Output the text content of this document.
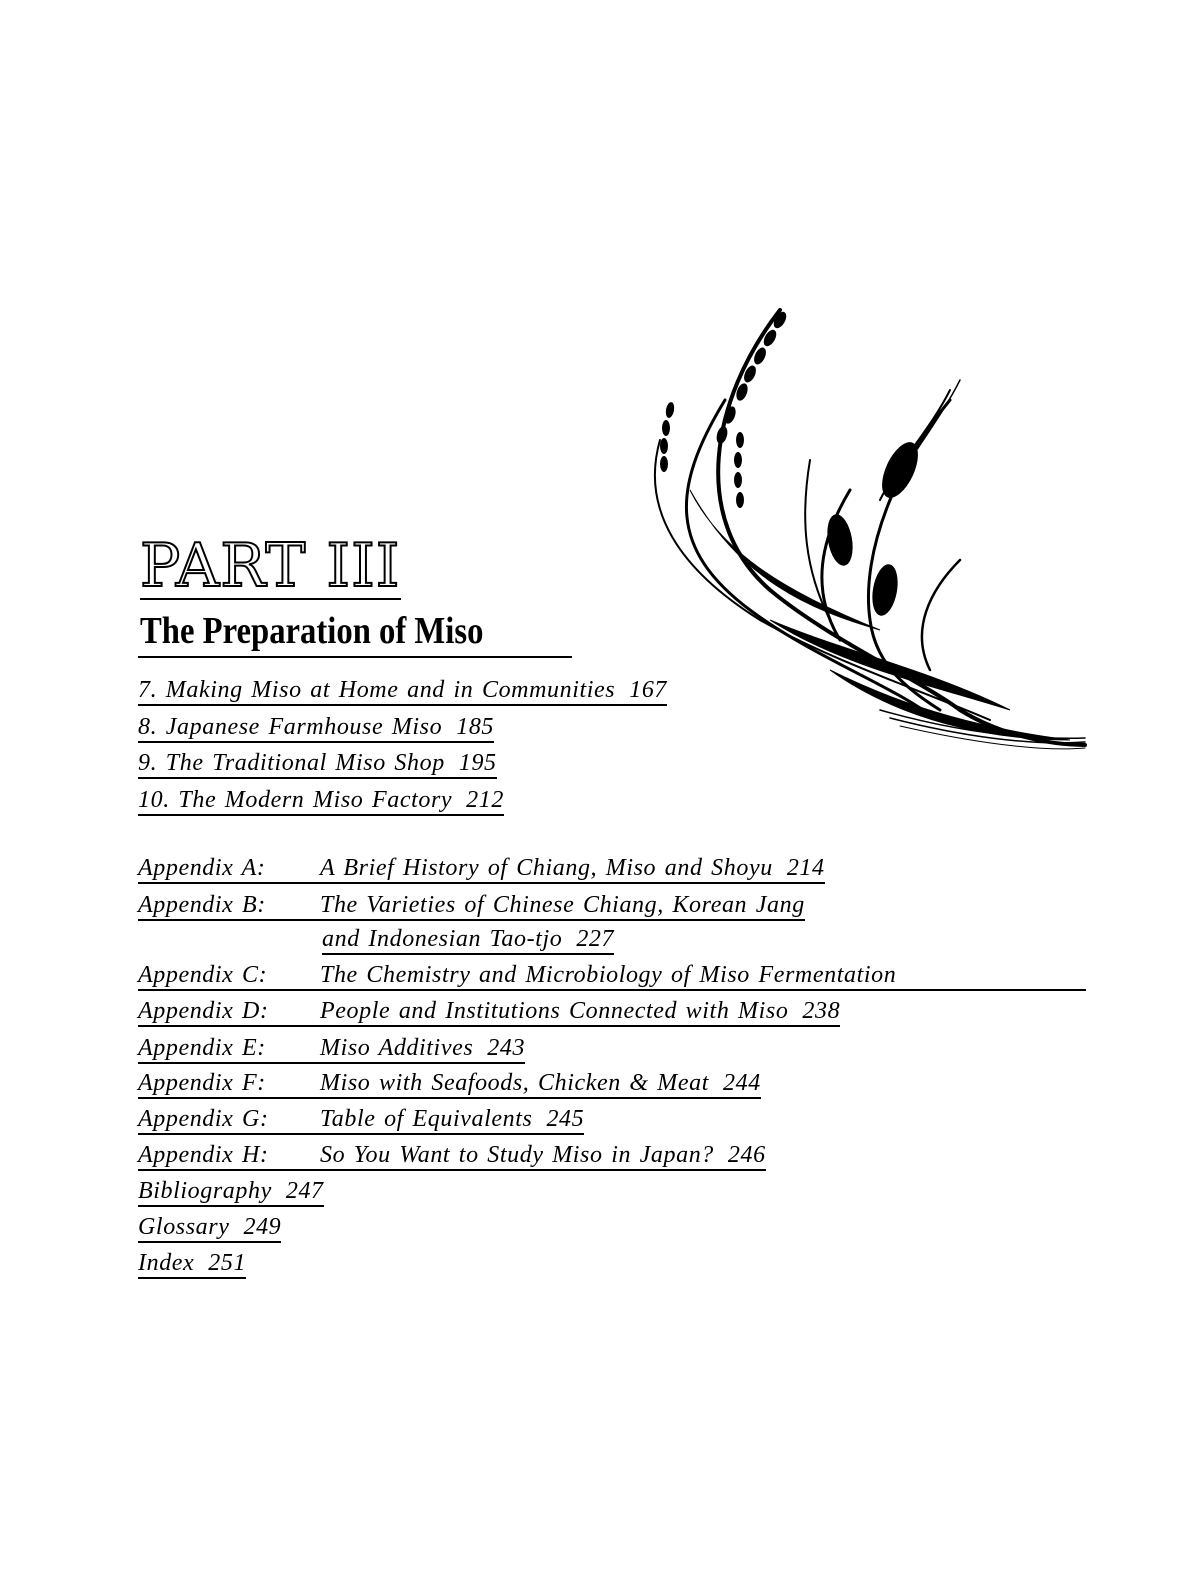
PART III
The Preparation of Miso
7. Making Miso at Home and in Communities 167
8. Japanese Farmhouse Miso 185
9. The Traditional Miso Shop 195
10. The Modern Miso Factory 212
Appendix A: A Brief History of Chiang, Miso and Shoyu 214
Appendix B: The Varieties of Chinese Chiang, Korean Jang
and Indonesian Tao-tjo 227
Appendix C: The Chemistry and Microbiology of Miso Fermentation
Appendix D: People and Institutions Connected with Miso 238
Appendix E: Miso Additives 243
Appendix F: Miso with Seafoods, Chicken & Meat 244
Appendix G: Table of Equivalents 245
Appendix H: So You Want to Study Miso in Japan? 246
Bibliography 247
Glossary 249
Index 251
